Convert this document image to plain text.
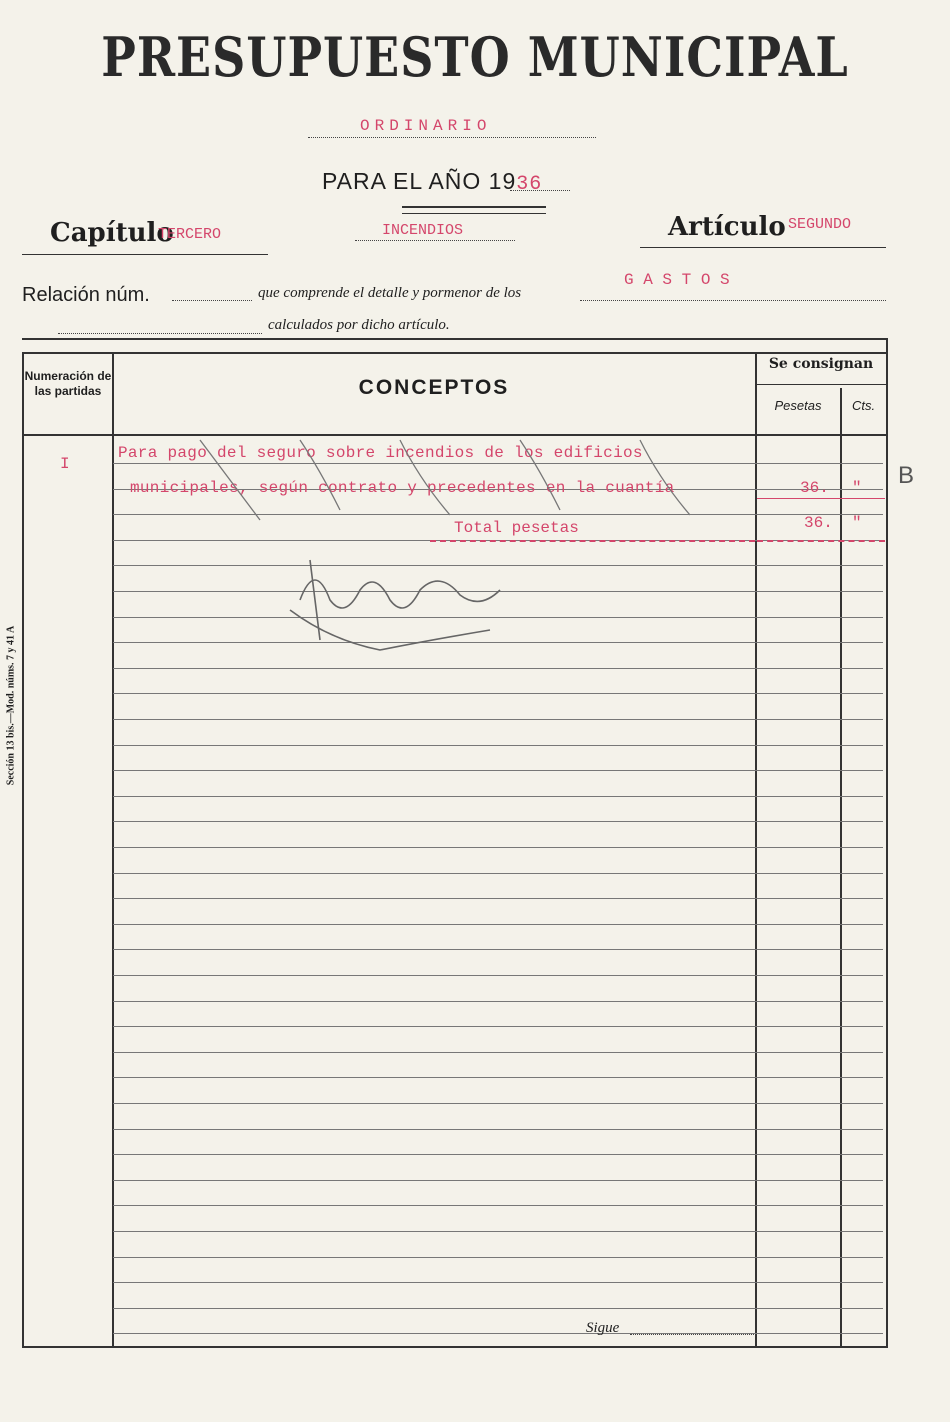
PRESUPUESTO MUNICIPAL
ORDINARIO
PARA EL AÑO 1936
Capítulo
TERCERO	INCENDIOS	Artículo SEGUNDO
Relación núm.	que comprende el detalle y pormenor de los
G A S T O S
calculados por dicho artículo.
Numeración de las partidas	CONCEPTOS
Se consignan
Pesetas	Cts.
I
Para pago del seguro sobre incendios de los edificios
municipales, según contrato y precedentes en la cuantía	36. "
Total pesetas	36. "
B
Sigue
Sección 13 bis.—Mod. núms. 7 y 41 A
